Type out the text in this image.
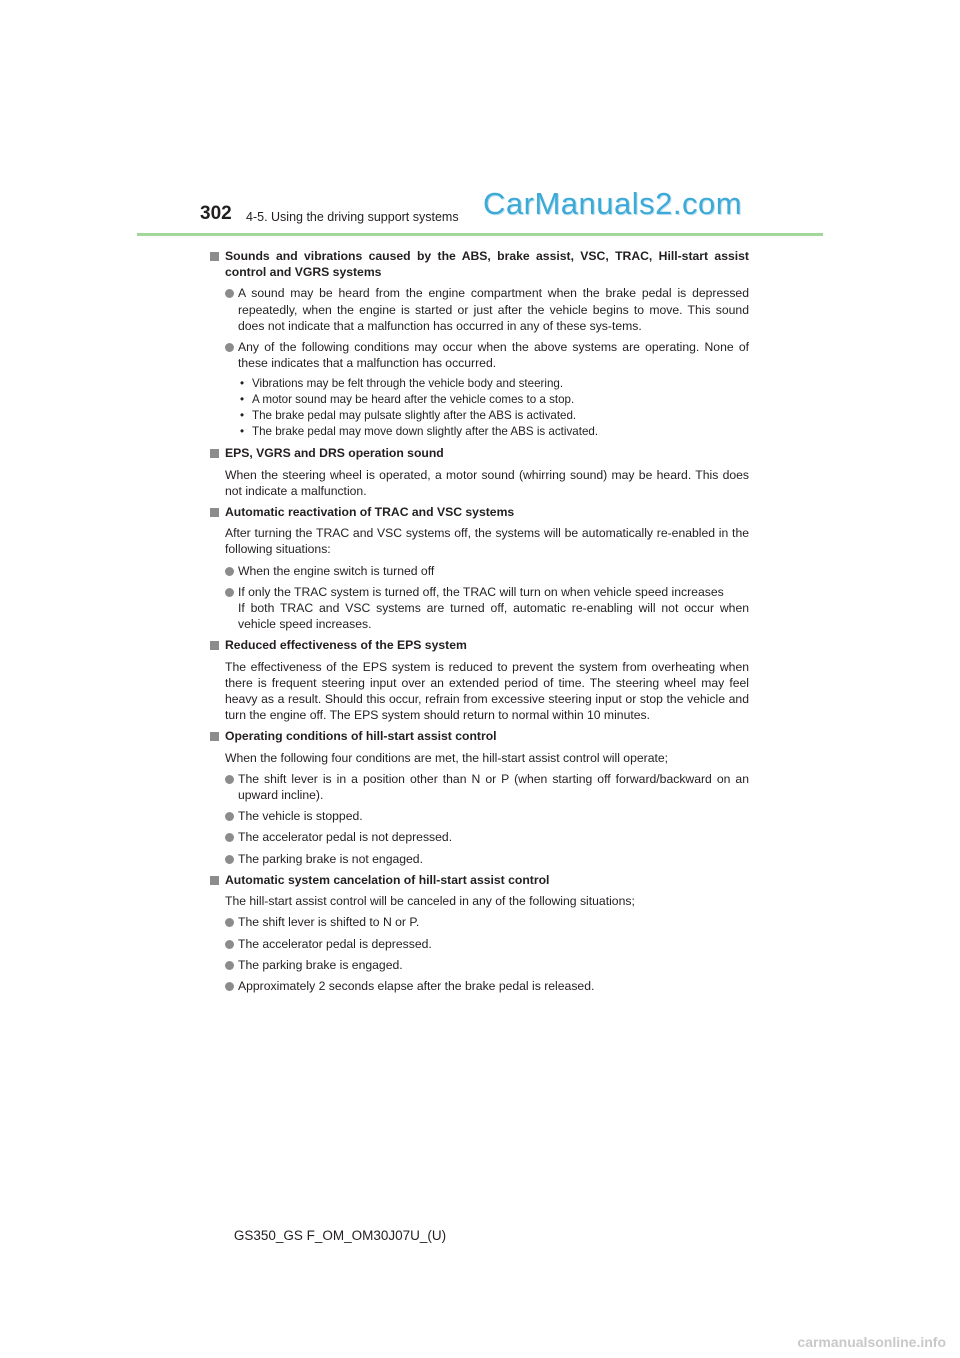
302 4-5. Using the driving support systems CarManuals2.com
Sounds and vibrations caused by the ABS, brake assist, VSC, TRAC, Hill-start assist control and VGRS systems
A sound may be heard from the engine compartment when the brake pedal is depressed repeatedly, when the engine is started or just after the vehicle begins to move. This sound does not indicate that a malfunction has occurred in any of these sys-tems.
Any of the following conditions may occur when the above systems are operating. None of these indicates that a malfunction has occurred.
• Vibrations may be felt through the vehicle body and steering.
• A motor sound may be heard after the vehicle comes to a stop.
• The brake pedal may pulsate slightly after the ABS is activated.
• The brake pedal may move down slightly after the ABS is activated.
EPS, VGRS and DRS operation sound
When the steering wheel is operated, a motor sound (whirring sound) may be heard. This does not indicate a malfunction.
Automatic reactivation of TRAC and VSC systems
After turning the TRAC and VSC systems off, the systems will be automatically re-enabled in the following situations:
When the engine switch is turned off
If only the TRAC system is turned off, the TRAC will turn on when vehicle speed increases
If both TRAC and VSC systems are turned off, automatic re-enabling will not occur when vehicle speed increases.
Reduced effectiveness of the EPS system
The effectiveness of the EPS system is reduced to prevent the system from overheating when there is frequent steering input over an extended period of time. The steering wheel may feel heavy as a result. Should this occur, refrain from excessive steering input or stop the vehicle and turn the engine off. The EPS system should return to normal within 10 minutes.
Operating conditions of hill-start assist control
When the following four conditions are met, the hill-start assist control will operate;
The shift lever is in a position other than N or P (when starting off forward/backward on an upward incline).
The vehicle is stopped.
The accelerator pedal is not depressed.
The parking brake is not engaged.
Automatic system cancelation of hill-start assist control
The hill-start assist control will be canceled in any of the following situations;
The shift lever is shifted to N or P.
The accelerator pedal is depressed.
The parking brake is engaged.
Approximately 2 seconds elapse after the brake pedal is released.
GS350_GS F_OM_OM30J07U_(U)
carmanualsonline.info
